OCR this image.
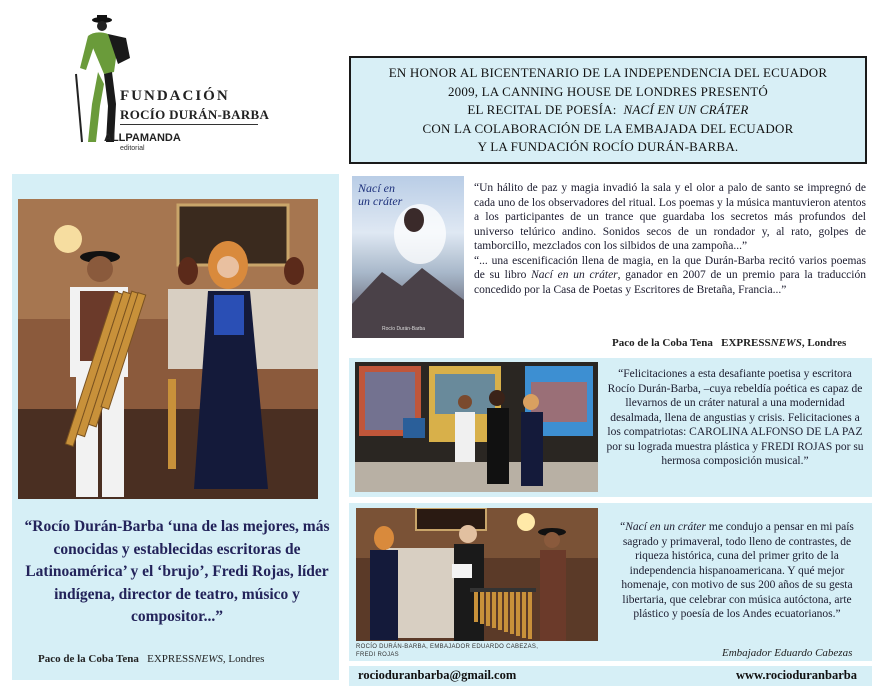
FUNDACIÓN
ROCÍO DURÁN-BARBA
ALLPAMANDA
editorial
EN HONOR AL BICENTENARIO DE LA INDEPENDENCIA DEL ECUADOR
2009, LA CANNING HOUSE DE LONDRES PRESENTÓ
EL RECITAL DE POESÍA: NACÍ EN UN CRÁTER
CON LA COLABORACIÓN DE LA EMBAJADA DEL ECUADOR
Y LA FUNDACIÓN ROCÍO DURÁN-BARBA.
“Rocío Durán-Barba ‘una de las mejores, más conocidas y establecidas escritoras de Latinoamérica’ y el ‘brujo’, Fredi Rojas, líder indígena, director de teatro, músico y compositor...”
Paco de la Coba Tena EXPRESSNEWS, Londres
Nací en un cráter
Rocío Durán-Barba

“Un hálito de paz y magia invadió la sala y el olor a palo de santo se impregnó de cada uno de los observadores del ritual. Los poemas y la música mantuvieron atentos a los participantes de un trance que guardaba los secretos más profundos del universo telúrico andino. Sonidos secos de un rondador y, al rato, golpes de tamborcillo, mezclados con los silbidos de una zampoña...”

“... una escenificación llena de magia, en la que Durán-Barba recitó varios poemas de su libro Nací en un cráter, ganador en 2007 de un premio para la traducción concedido por la Casa de Poetas y Escritores de Bretaña, Francia...”

Paco de la Coba Tena EXPRESSNEWS, Londres
“Felicitaciones a esta desafiante poetisa y escritora Rocío Durán-Barba, –cuya rebeldía poética es capaz de llevarnos de un cráter natural a una modernidad desalmada, llena de angustias y crisis. Felicitaciones a los compatriotas: CAROLINA ALFONSO DE LA PAZ por su lograda muestra plástica y FREDI ROJAS por su hermosa composición musical.”
ROCÍO DURÁN-BARBA, EMBAJADOR EDUARDO CABEZAS, FREDI ROJAS
“Nací en un cráter me condujo a pensar en mi país sagrado y primaveral, todo lleno de contrastes, de riqueza histórica, cuna del primer grito de la independencia hispanoamericana. Y qué mejor homenaje, con motivo de sus 200 años de su gesta libertaria, que celebrar con música autóctona, arte plástico y poesía de los Andes ecuatorianos.”
Embajador Eduardo Cabezas
rocioduranbarba@gmail.com	www.rocioduranbarba
